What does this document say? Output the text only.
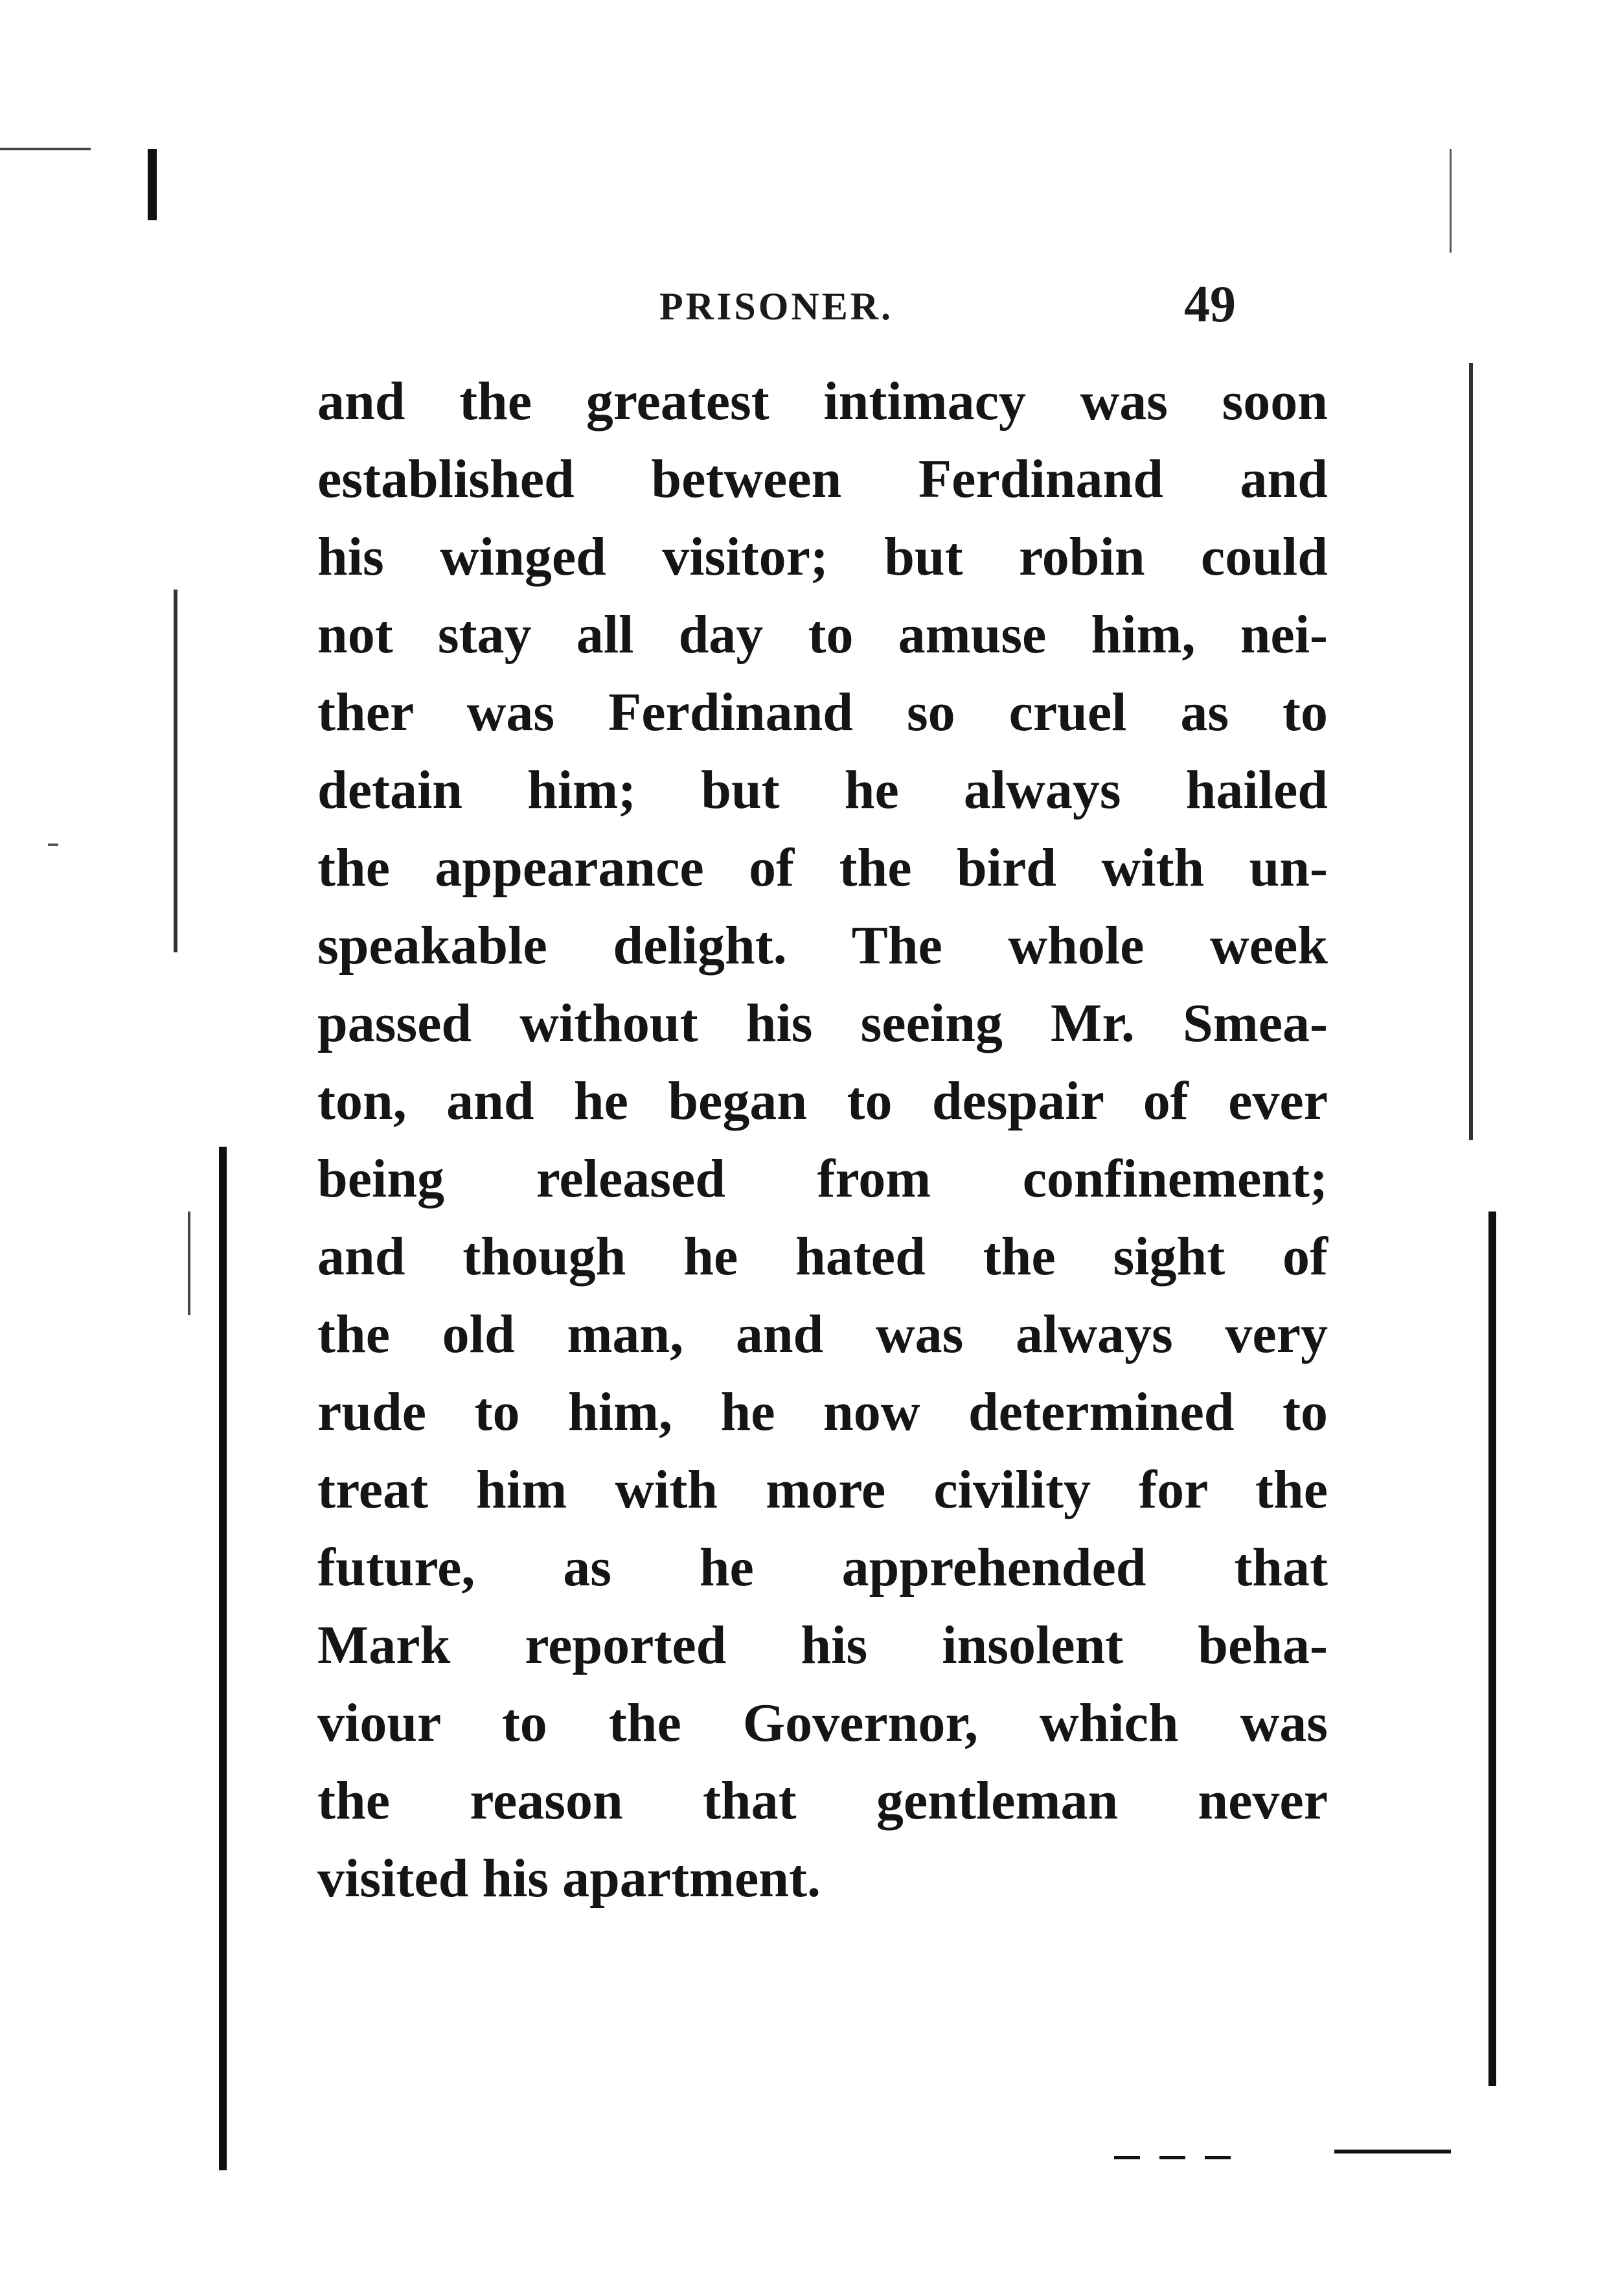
PRISONER.	49
and the greatest intimacy was soon
established between Ferdinand and
his winged visitor; but robin could
not stay all day to amuse him, nei-
ther was Ferdinand so cruel as to
detain him; but he always hailed
the appearance of the bird with un-
speakable delight. The whole week
passed without his seeing Mr. Smea-
ton, and he began to despair of ever
being released from confinement;
and though he hated the sight of
the old man, and was always very
rude to him, he now determined to
treat him with more civility for the
future, as he apprehended that
Mark reported his insolent beha-
viour to the Governor, which was
the reason that gentleman never
visited his apartment.
